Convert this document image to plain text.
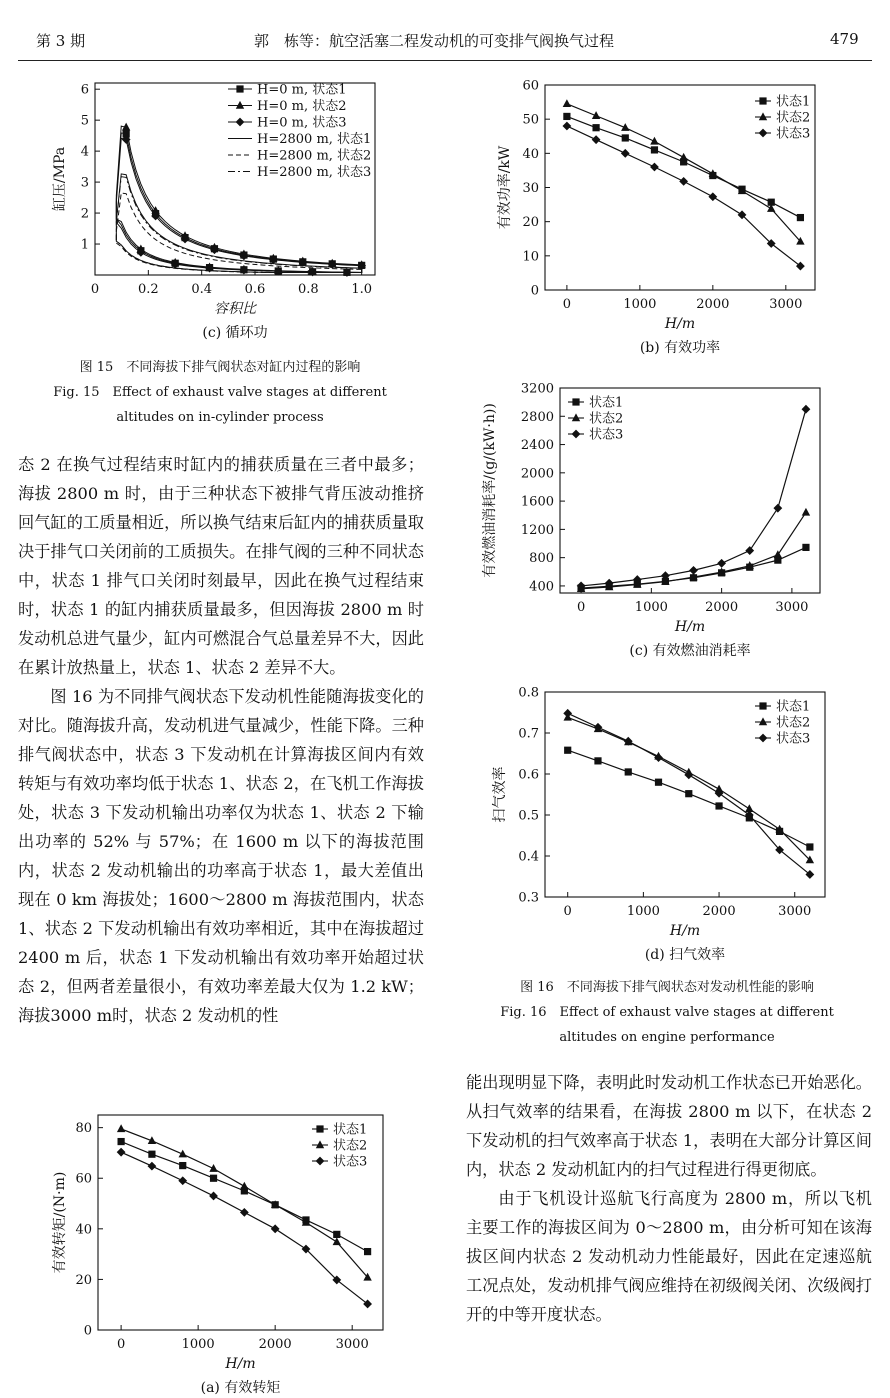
第 3 期	郭　栋等：航空活塞二程发动机的可变排气阀换气过程	479
0	0.2	0.4	0.6	0.8	1.0
1
2
3
4
5
6
容积比
缸压/MPa
(c) 循环功
H=0 m, 状态1
H=0 m, 状态2
H=0 m, 状态3
H=2800 m, 状态1
H=2800 m, 状态2
H=2800 m, 状态3
图 15　不同海拔下排气阀状态对缸内过程的影响
Fig. 15　Effect of exhaust valve stages at different
altitudes on in-cylinder process

态 2 在换气过程结束时缸内的捕获质量在三者中最多；海拔 2800 m 时，由于三种状态下被排气背压波动推挤回气缸的工质量相近，所以换气结束后缸内的捕获质量取决于排气口关闭前的工质损失。在排气阀的三种不同状态中，状态 1 排气口关闭时刻最早，因此在换气过程结束时，状态 1 的缸内捕获质量最多，但因海拔 2800 m 时发动机总进气量少，缸内可燃混合气总量差异不大，因此在累计放热量上，状态 1、状态 2 差异不大。

图 16 为不同排气阀状态下发动机性能随海拔变化的对比。随海拔升高，发动机进气量减少，性能下降。三种排气阀状态中，状态 3 下发动机在计算海拔区间内有效转矩与有效功率均低于状态 1、状态 2，在飞机工作海拔处，状态 3 下发动机输出功率仅为状态 1、状态 2 下输出功率的 52% 与 57%；在 1600 m 以下的海拔范围内，状态 2 发动机输出的功率高于状态 1，最大差值出现在 0 km 海拔处；1600～2800 m 海拔范围内，状态 1、状态 2 下发动机输出有效功率相近，其中在海拔超过 2400 m 后，状态 1 下发动机输出有效功率开始超过状态 2，但两者差量很小，有效功率差最大仅为 1.2 kW；海拔3000 m时，状态 2 发动机的性

0	1000	2000	3000
0
20
40
60
80
H/m
有效转矩/(N·m)
(a) 有效转矩
状态1
状态2
状态3
0	1000	2000	3000
0
10
20
30
40
50
60
H/m
有效功率/kW
(b) 有效功率
状态1
状态2
状态3
0	1000	2000	3000
400
800
1200
1600
2000
2400
2800
3200
H/m
有效燃油消耗率/(g/(kW·h))
(c) 有效燃油消耗率
状态1
状态2
状态3
0	1000	2000	3000
0.3
0.4
0.5
0.6
0.7
0.8
H/m
扫气效率
(d) 扫气效率
状态1
状态2
状态3
图 16　不同海拔下排气阀状态对发动机性能的影响
Fig. 16　Effect of exhaust valve stages at different
altitudes on engine performance

能出现明显下降，表明此时发动机工作状态已开始恶化。从扫气效率的结果看，在海拔 2800 m 以下，在状态 2 下发动机的扫气效率高于状态 1，表明在大部分计算区间内，状态 2 发动机缸内的扫气过程进行得更彻底。

由于飞机设计巡航飞行高度为 2800 m，所以飞机主要工作的海拔区间为 0～2800 m，由分析可知在该海拔区间内状态 2 发动机动力性能最好，因此在定速巡航工况点处，发动机排气阀应维持在初级阀关闭、次级阀打开的中等开度状态。
